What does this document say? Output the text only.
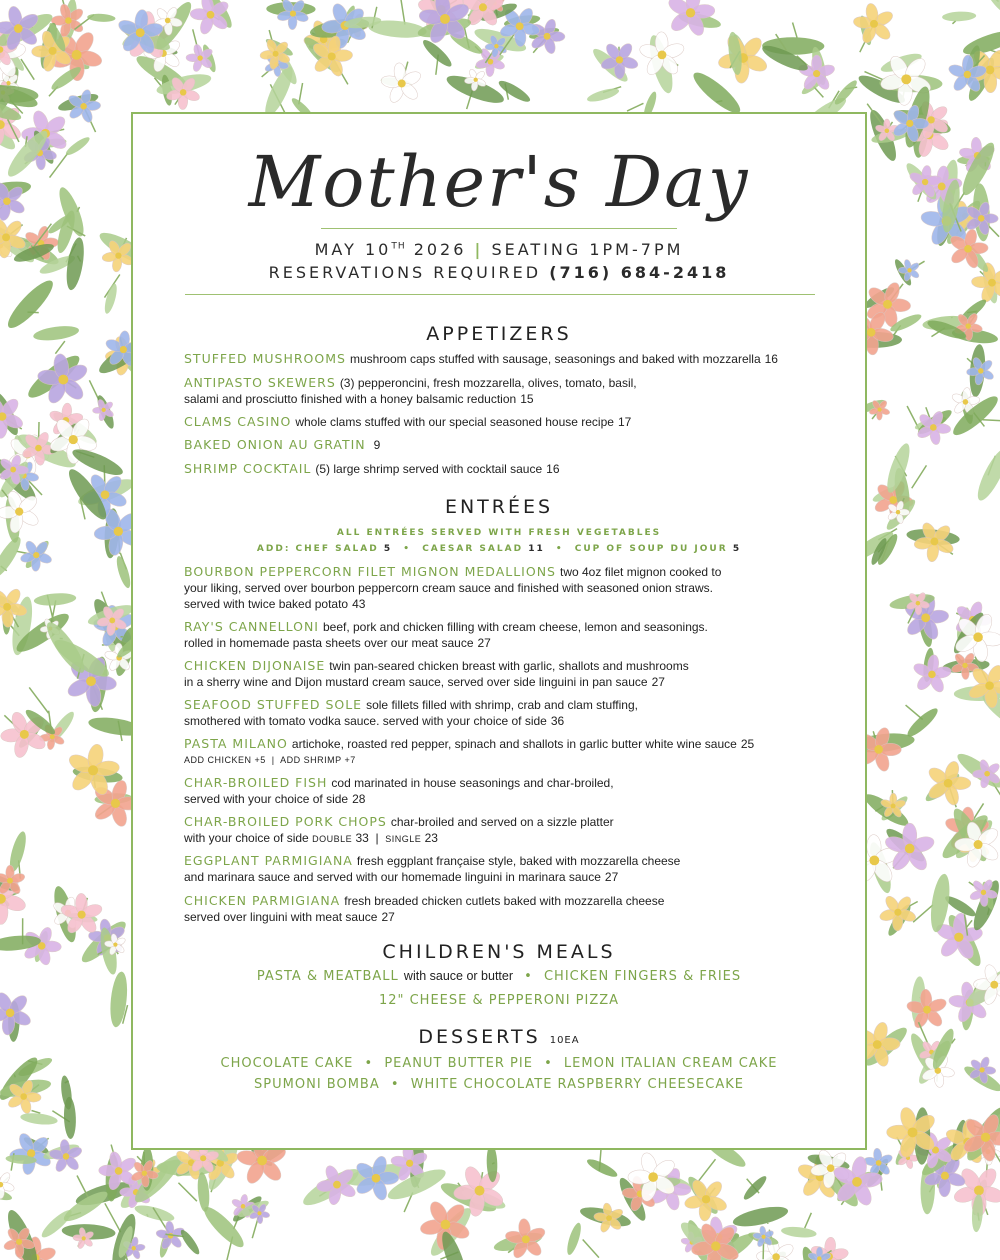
Mother's Day
MAY 10TH 2026 | SEATING 1PM-7PM
RESERVATIONS REQUIRED (716) 684-2418
APPETIZERS
STUFFED MUSHROOMS mushroom caps stuffed with sausage, seasonings and baked with mozzarella 16
ANTIPASTO SKEWERS (3) pepperoncini, fresh mozzarella, olives, tomato, basil,
salami and prosciutto finished with a honey balsamic reduction 15
CLAMS CASINO whole clams stuffed with our special seasoned house recipe 17
BAKED ONION AU GRATIN 9
SHRIMP COCKTAIL (5) large shrimp served with cocktail sauce 16
ENTRÉES
ALL ENTRÉES SERVED WITH FRESH VEGETABLES
ADD: CHEF SALAD 5 • CAESAR SALAD 11 • CUP OF SOUP DU JOUR 5
BOURBON PEPPERCORN FILET MIGNON MEDALLIONS two 4oz filet mignon cooked to
your liking, served over bourbon peppercorn cream sauce and finished with seasoned onion straws.
served with twice baked potato 43
RAY'S CANNELLONI beef, pork and chicken filling with cream cheese, lemon and seasonings.
rolled in homemade pasta sheets over our meat sauce 27
CHICKEN DIJONAISE twin pan-seared chicken breast with garlic, shallots and mushrooms
in a sherry wine and Dijon mustard cream sauce, served over side linguini in pan sauce 27
SEAFOOD STUFFED SOLE sole fillets filled with shrimp, crab and clam stuffing,
smothered with tomato vodka sauce. served with your choice of side 36
PASTA MILANO artichoke, roasted red pepper, spinach and shallots in garlic butter white wine sauce 25
ADD CHICKEN +5  |  ADD SHRIMP +7
CHAR-BROILED FISH cod marinated in house seasonings and char-broiled,
served with your choice of side 28
CHAR-BROILED PORK CHOPS char-broiled and served on a sizzle platter
with your choice of side DOUBLE 33  |  SINGLE 23
EGGPLANT PARMIGIANA fresh eggplant française style, baked with mozzarella cheese
and marinara sauce and served with our homemade linguini in marinara sauce 27
CHICKEN PARMIGIANA fresh breaded chicken cutlets baked with mozzarella cheese
served over linguini with meat sauce 27
CHILDREN'S MEALS
PASTA & MEATBALL with sauce or butter • CHICKEN FINGERS & FRIES
12" CHEESE & PEPPERONI PIZZA
DESSERTS 10EA
CHOCOLATE CAKE • PEANUT BUTTER PIE • LEMON ITALIAN CREAM CAKE
SPUMONI BOMBA • WHITE CHOCOLATE RASPBERRY CHEESECAKE
